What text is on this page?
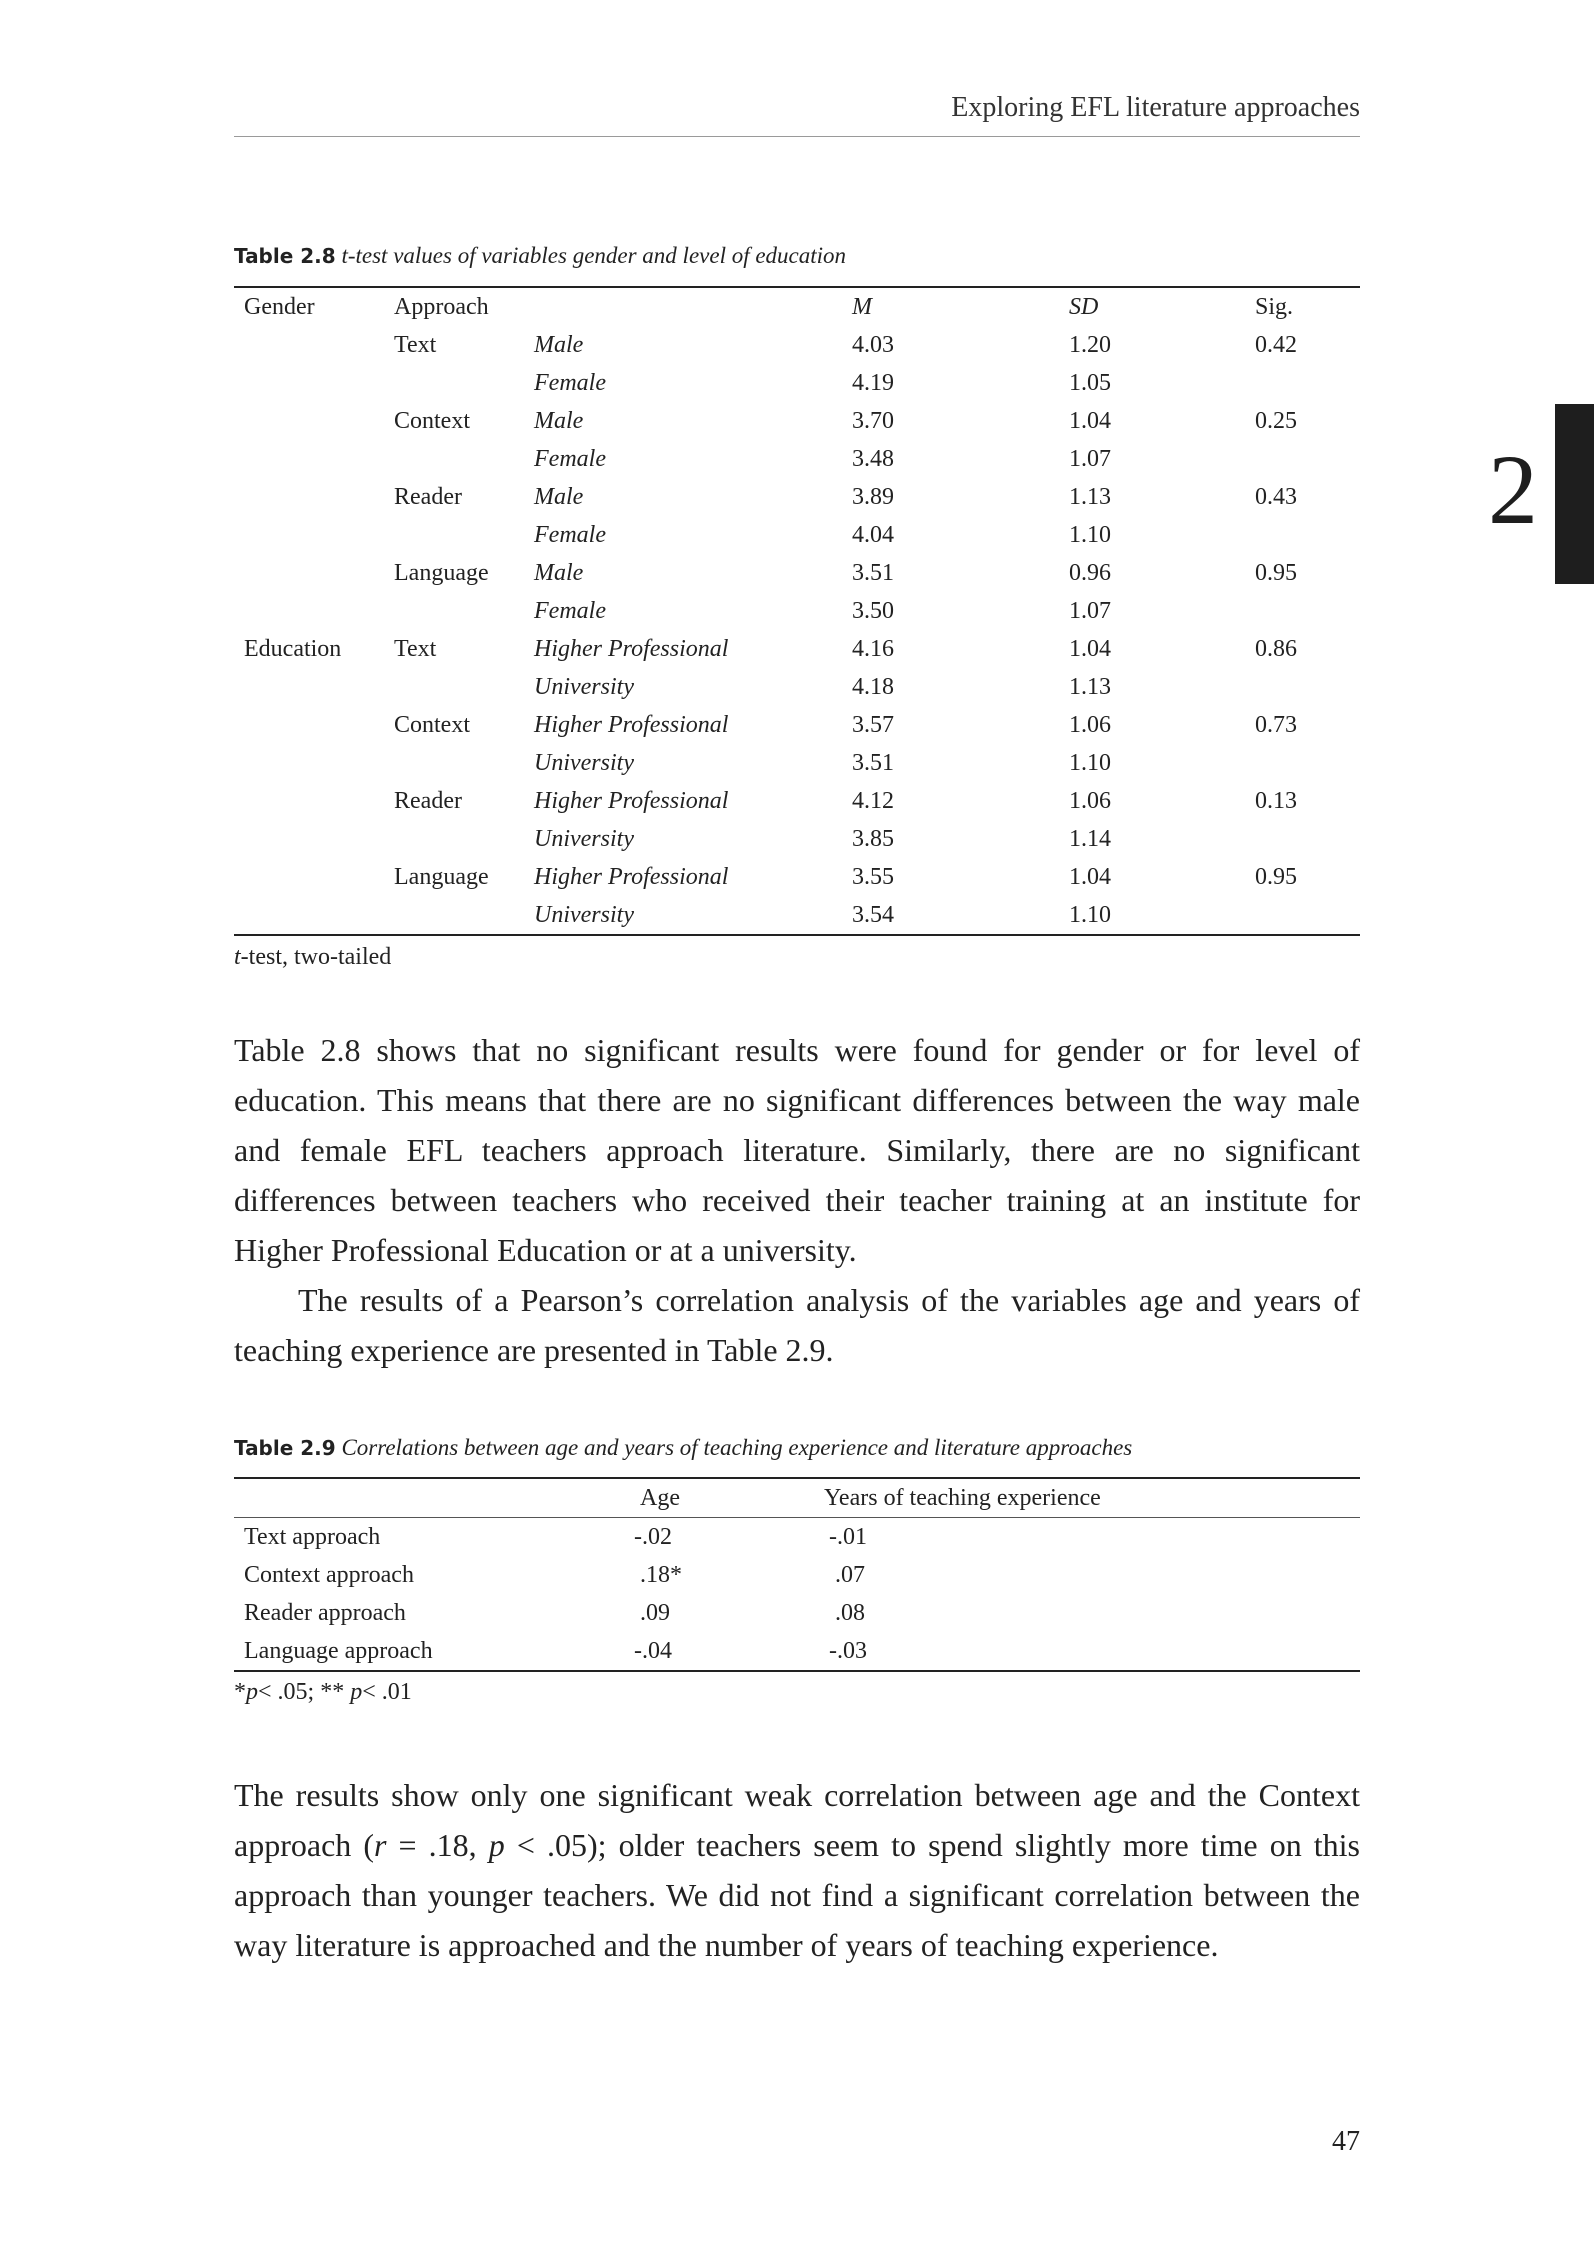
Exploring EFL literature approaches
2
Table 2.8 t-test values of variables gender and level of education
Gender	Approach		M	SD	Sig.
	Text	Male	4.03	1.20	0.42
		Female	4.19	1.05	
	Context	Male	3.70	1.04	0.25
		Female	3.48	1.07	
	Reader	Male	3.89	1.13	0.43
		Female	4.04	1.10	
	Language	Male	3.51	0.96	0.95
		Female	3.50	1.07	
Education	Text	Higher Professional	4.16	1.04	0.86
		University	4.18	1.13	
	Context	Higher Professional	3.57	1.06	0.73
		University	3.51	1.10	
	Reader	Higher Professional	4.12	1.06	0.13
		University	3.85	1.14	
	Language	Higher Professional	3.55	1.04	0.95
		University	3.54	1.10	
t-test, two-tailed

Table 2.8 shows that no significant results were found for gender or for level of education. This means that there are no significant differences between the way male and female EFL teachers approach literature. Similarly, there are no significant differences between teachers who received their teacher training at an institute for Higher Professional Education or at a university.

The results of a Pearson’s correlation analysis of the variables age and years of teaching experience are presented in Table 2.9.

Table 2.9 Correlations between age and years of teaching experience and literature approaches
	Age	Years of teaching experience
Text approach	-.02	-.01
Context approach	.18*	.07
Reader approach	.09	.08
Language approach	-.04	-.03
*p< .05; ** p< .01

The results show only one significant weak correlation between age and the Context approach (r = .18, p < .05); older teachers seem to spend slightly more time on this approach than younger teachers. We did not find a significant correlation between the way literature is approached and the number of years of teaching experience.

47
